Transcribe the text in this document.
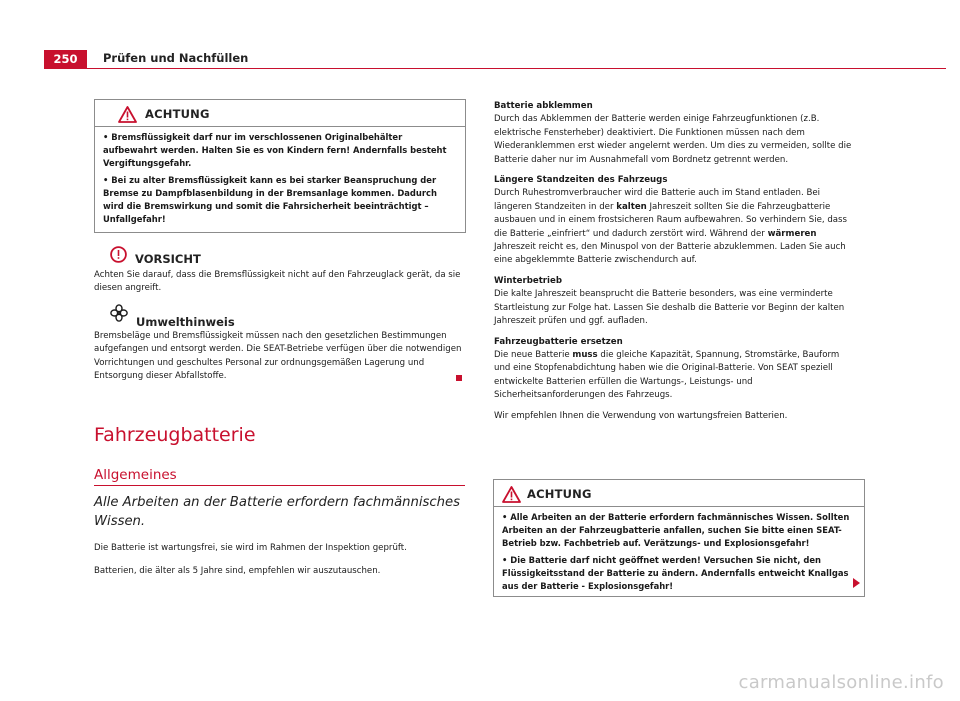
250	Prüfen und Nachfüllen
ACHTUNG

• Bremsflüssigkeit darf nur im verschlossenen Originalbehälter aufbewahrt werden. Halten Sie es von Kindern fern! Andernfalls besteht Vergiftungsgefahr.

• Bei zu alter Bremsflüssigkeit kann es bei starker Beanspruchung der Bremse zu Dampfblasenbildung in der Bremsanlage kommen. Dadurch wird die Bremswirkung und somit die Fahrsicherheit beeinträchtigt – Unfallgefahr!

VORSICHT
Achten Sie darauf, dass die Bremsflüssigkeit nicht auf den Fahrzeuglack gerät, da sie diesen angreift.
Umwelthinweis
Bremsbeläge und Bremsflüssigkeit müssen nach den gesetzlichen Bestimmungen aufgefangen und entsorgt werden. Die SEAT-Betriebe verfügen über die notwendigen Vorrichtungen und geschultes Personal zur ordnungsgemäßen Lagerung und Entsorgung dieser Abfallstoffe.
Fahrzeugbatterie
Allgemeines
Alle Arbeiten an der Batterie erfordern fachmännisches Wissen.
Die Batterie ist wartungsfrei, sie wird im Rahmen der Inspektion geprüft.
Batterien, die älter als 5 Jahre sind, empfehlen wir auszutauschen.

Batterie abklemmen
Durch das Abklemmen der Batterie werden einige Fahrzeugfunktionen (z.B. elektrische Fensterheber) deaktiviert. Die Funktionen müssen nach dem Wiederanklemmen erst wieder angelernt werden. Um dies zu vermeiden, sollte die Batterie daher nur im Ausnahmefall vom Bordnetz getrennt werden.

Längere Standzeiten des Fahrzeugs
Durch Ruhestromverbraucher wird die Batterie auch im Stand entladen. Bei längeren Standzeiten in der kalten Jahreszeit sollten Sie die Fahrzeugbatterie ausbauen und in einem frostsicheren Raum aufbewahren. So verhindern Sie, dass die Batterie „einfriert“ und dadurch zerstört wird. Während der wärmeren Jahreszeit reicht es, den Minuspol von der Batterie abzuklemmen. Laden Sie auch eine abgeklemmte Batterie zwischendurch auf.

Winterbetrieb
Die kalte Jahreszeit beansprucht die Batterie besonders, was eine verminderte Startleistung zur Folge hat. Lassen Sie deshalb die Batterie vor Beginn der kalten Jahreszeit prüfen und ggf. aufladen.

Fahrzeugbatterie ersetzen
Die neue Batterie muss die gleiche Kapazität, Spannung, Stromstärke, Bauform und eine Stopfenabdichtung haben wie die Original-Batterie. Von SEAT speziell entwickelte Batterien erfüllen die Wartungs-, Leistungs- und Sicherheitsanforderungen des Fahrzeugs.

Wir empfehlen Ihnen die Verwendung von wartungsfreien Batterien.

ACHTUNG

• Alle Arbeiten an der Batterie erfordern fachmännisches Wissen. Sollten Arbeiten an der Fahrzeugbatterie anfallen, suchen Sie bitte einen SEAT-Betrieb bzw. Fachbetrieb auf. Verätzungs- und Explosionsgefahr!

• Die Batterie darf nicht geöffnet werden! Versuchen Sie nicht, den Flüssigkeitsstand der Batterie zu ändern. Andernfalls entweicht Knallgas aus der Batterie - Explosionsgefahr!

carmanualsonline.info
